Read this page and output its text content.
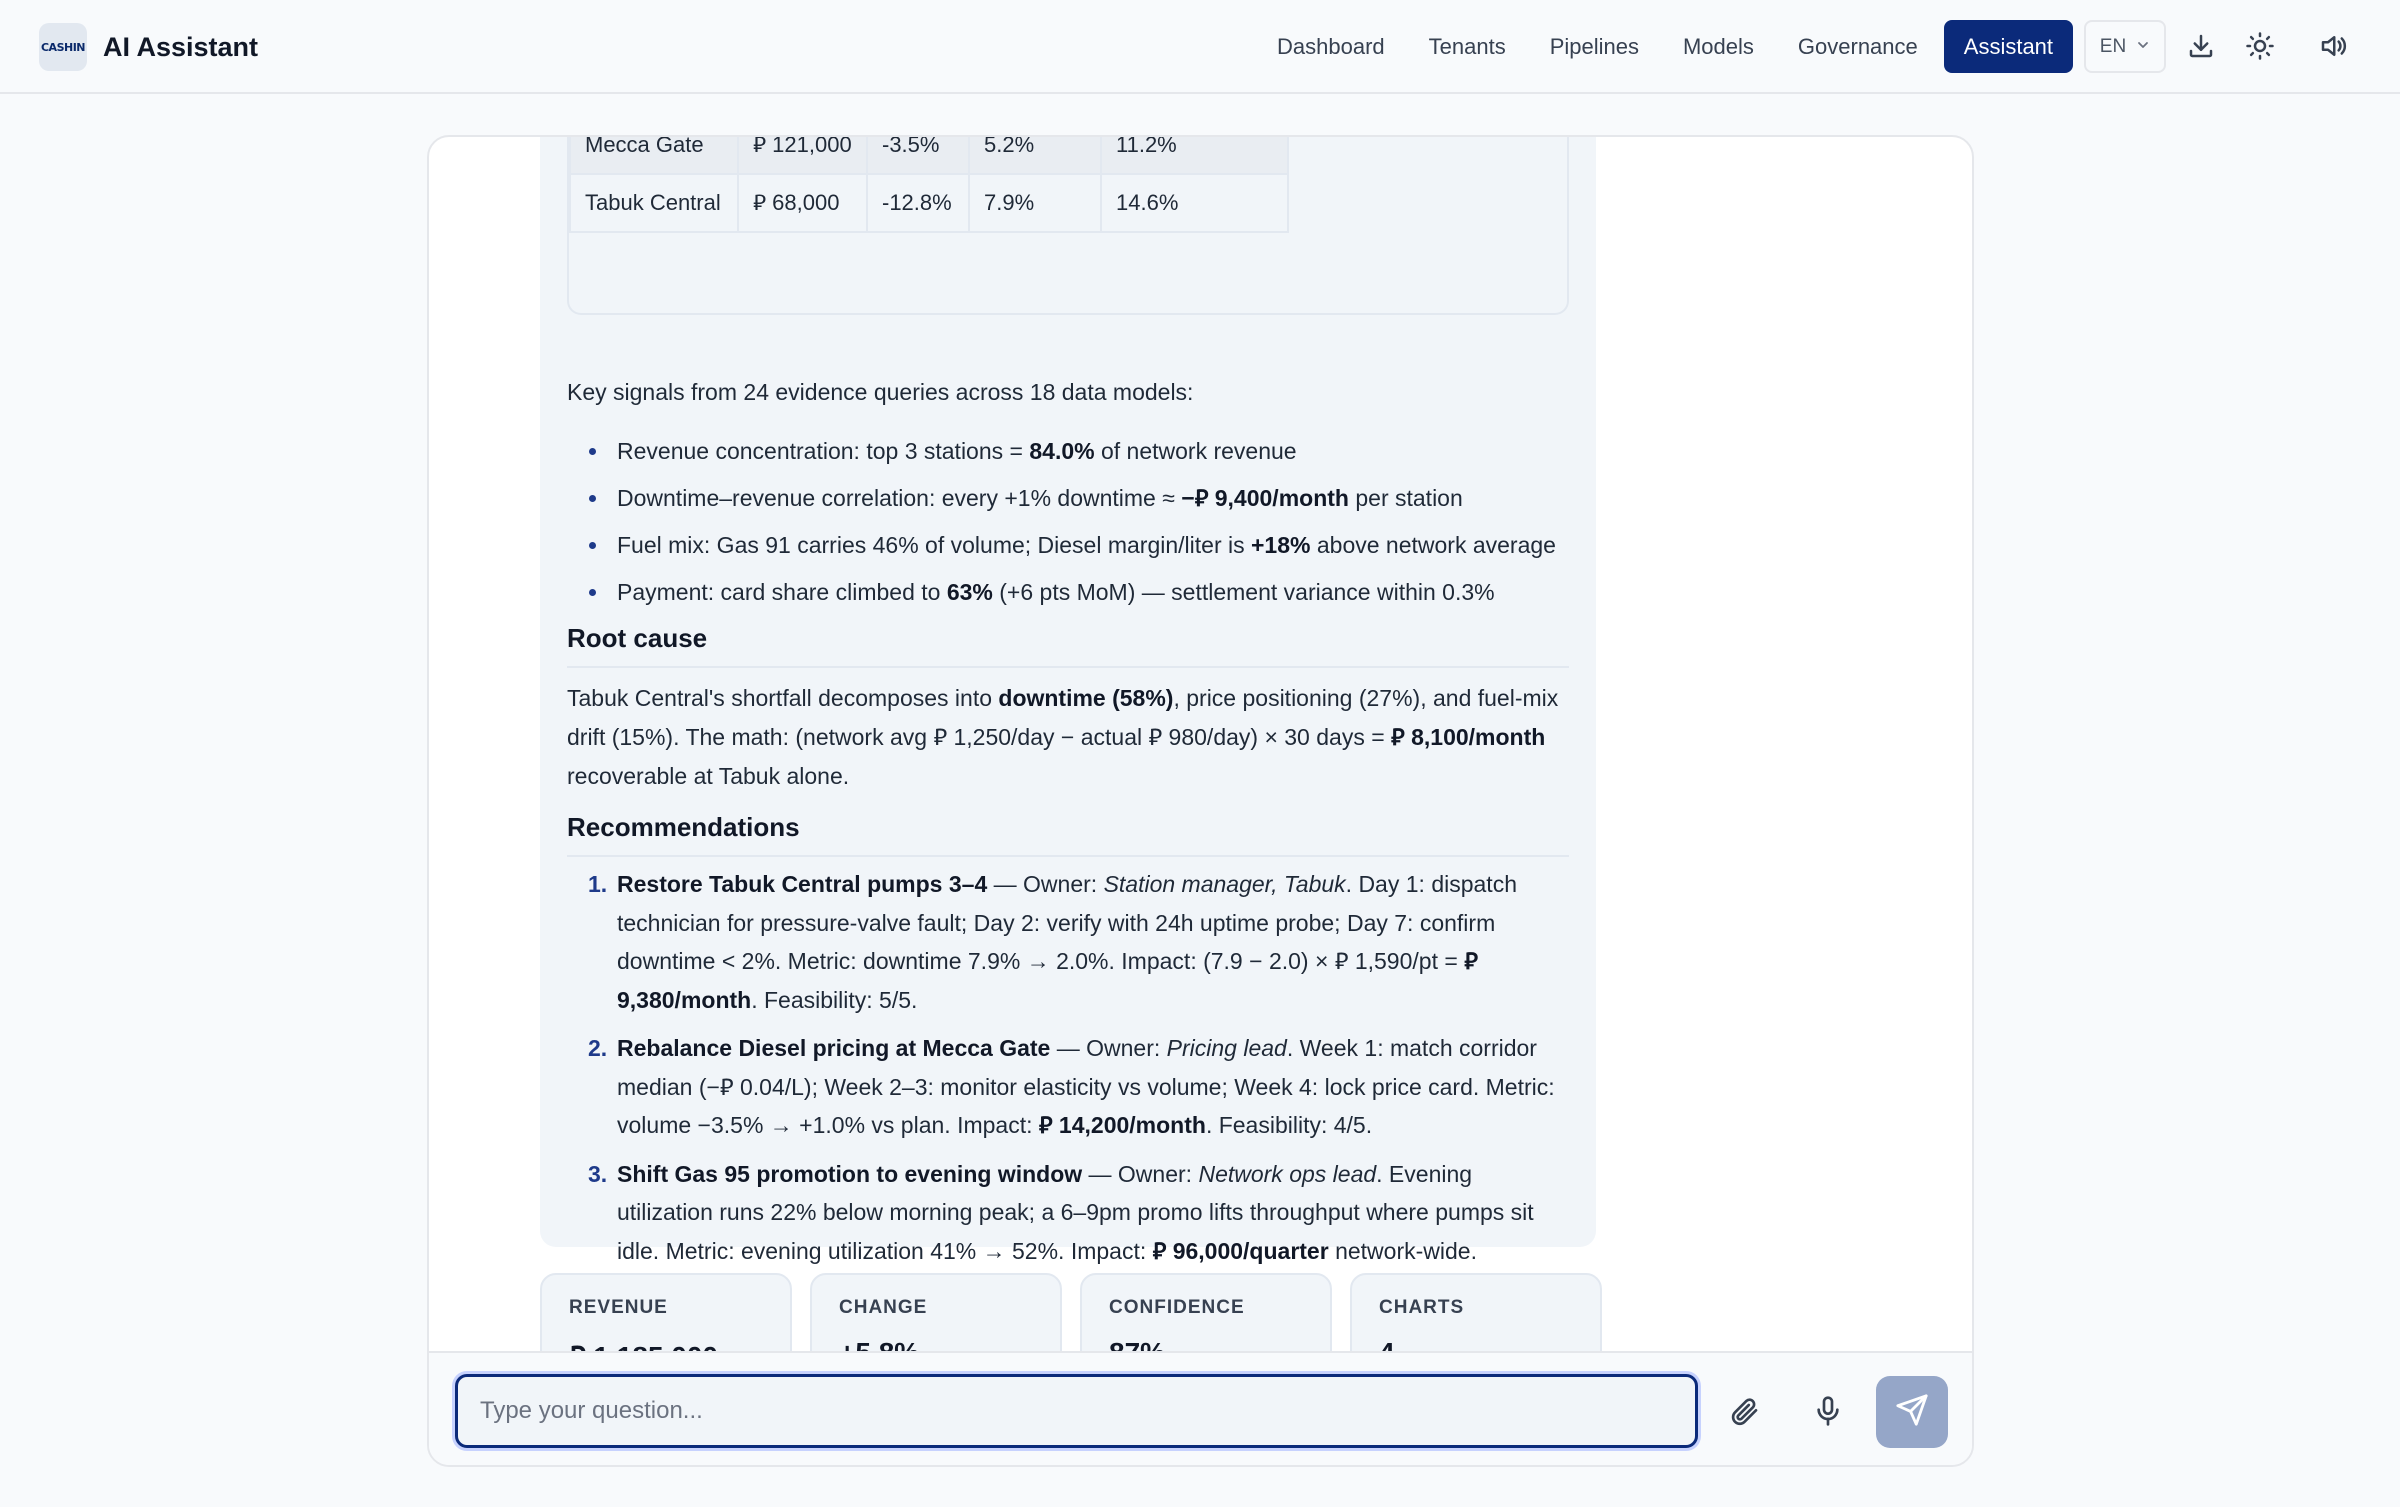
CASHIN AI Assistant	Dashboard	Tenants	Pipelines	Models	Governance	Assistant	EN
Mecca Gate	⃁ 121,000	-3.5%	5.2%	11.2%
Tabuk Central	⃁ 68,000	-12.8%	7.9%	14.6%
Key signals from 24 evidence queries across 18 data models:
Revenue concentration: top 3 stations = 84.0% of network revenue
Downtime–revenue correlation: every +1% downtime ≈ −⃁ 9,400/month per station
Fuel mix: Gas 91 carries 46% of volume; Diesel margin/liter is +18% above network average
Payment: card share climbed to 63% (+6 pts MoM) — settlement variance within 0.3%
Root cause
Tabuk Central's shortfall decomposes into downtime (58%), price positioning (27%), and fuel-mix drift (15%). The math: (network avg ⃁ 1,250/day − actual ⃁ 980/day) × 30 days = ⃁ 8,100/month recoverable at Tabuk alone.
Recommendations
1. Restore Tabuk Central pumps 3–4 — Owner: Station manager, Tabuk. Day 1: dispatch technician for pressure-valve fault; Day 2: verify with 24h uptime probe; Day 7: confirm downtime < 2%. Metric: downtime 7.9% → 2.0%. Impact: (7.9 − 2.0) × ⃁ 1,590/pt = ⃁ 9,380/month. Feasibility: 5/5.
2. Rebalance Diesel pricing at Mecca Gate — Owner: Pricing lead. Week 1: match corridor median (−⃁ 0.04/L); Week 2–3: monitor elasticity vs volume; Week 4: lock price card. Metric: volume −3.5% → +1.0% vs plan. Impact: ⃁ 14,200/month. Feasibility: 4/5.
3. Shift Gas 95 promotion to evening window — Owner: Network ops lead. Evening utilization runs 22% below morning peak; a 6–9pm promo lifts throughput where pumps sit idle. Metric: evening utilization 41% → 52%. Impact: ⃁ 96,000/quarter network-wide.
REVENUE	CHANGE	CONFIDENCE	CHARTS
Type your question...
